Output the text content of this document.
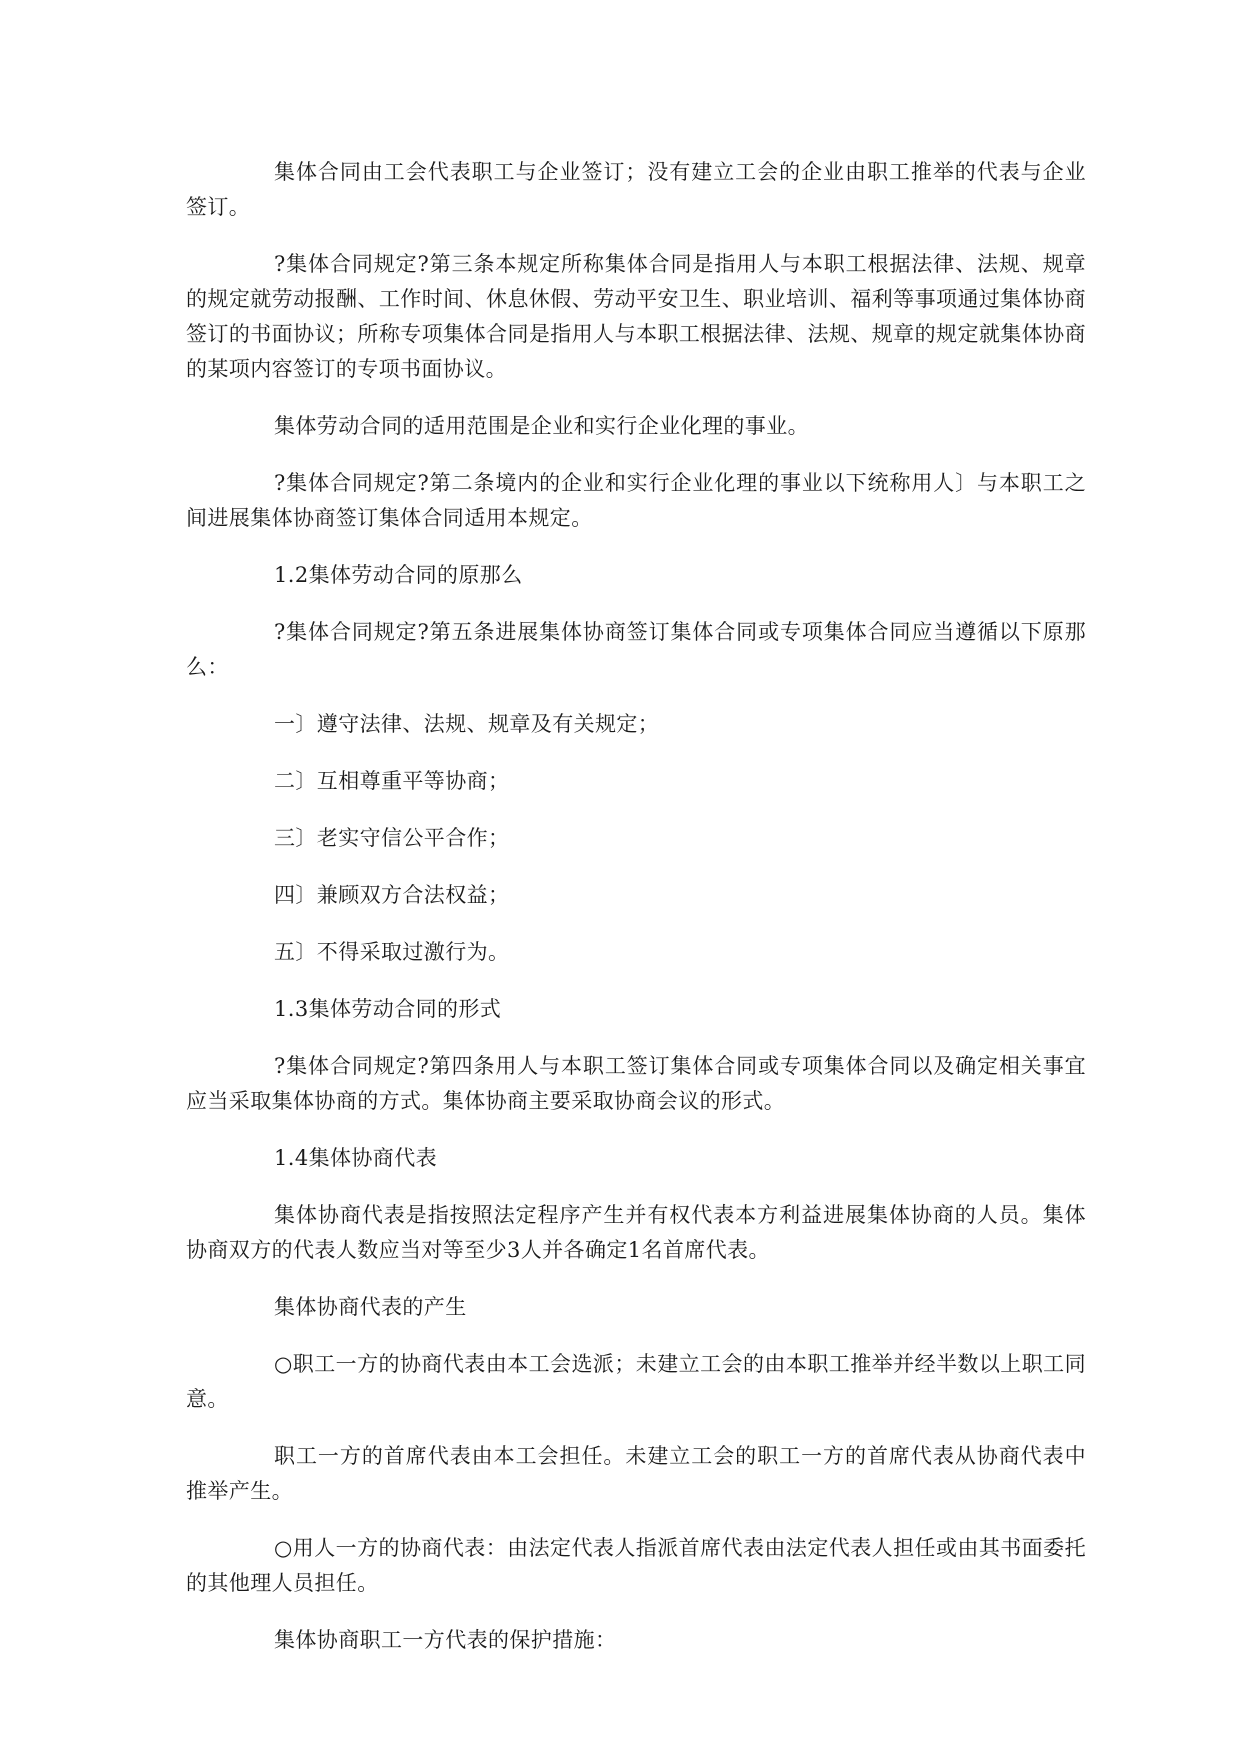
集体合同由工会代表职工与企业签订；没有建立工会的企业由职工推举的代表与企业签订。

?集体合同规定?第三条本规定所称集体合同是指用人与本职工根据法律、法规、规章的规定就劳动报酬、工作时间、休息休假、劳动平安卫生、职业培训、福利等事项通过集体协商签订的书面协议；所称专项集体合同是指用人与本职工根据法律、法规、规章的规定就集体协商的某项内容签订的专项书面协议。

集体劳动合同的适用范围是企业和实行企业化理的事业。

?集体合同规定?第二条境内的企业和实行企业化理的事业以下统称用人〕与本职工之间进展集体协商签订集体合同适用本规定。

1.2集体劳动合同的原那么

?集体合同规定?第五条进展集体协商签订集体合同或专项集体合同应当遵循以下原那么：

一〕遵守法律、法规、规章及有关规定；

二〕互相尊重平等协商；

三〕老实守信公平合作；

四〕兼顾双方合法权益；

五〕不得采取过激行为。

1.3集体劳动合同的形式

?集体合同规定?第四条用人与本职工签订集体合同或专项集体合同以及确定相关事宜应当采取集体协商的方式。集体协商主要采取协商会议的形式。

1.4集体协商代表

集体协商代表是指按照法定程序产生并有权代表本方利益进展集体协商的人员。集体协商双方的代表人数应当对等至少3人并各确定1名首席代表。

集体协商代表的产生

○职工一方的协商代表由本工会选派；未建立工会的由本职工推举并经半数以上职工同意。

职工一方的首席代表由本工会担任。未建立工会的职工一方的首席代表从协商代表中推举产生。

○用人一方的协商代表：由法定代表人指派首席代表由法定代表人担任或由其书面委托的其他理人员担任。

集体协商职工一方代表的保护措施：
